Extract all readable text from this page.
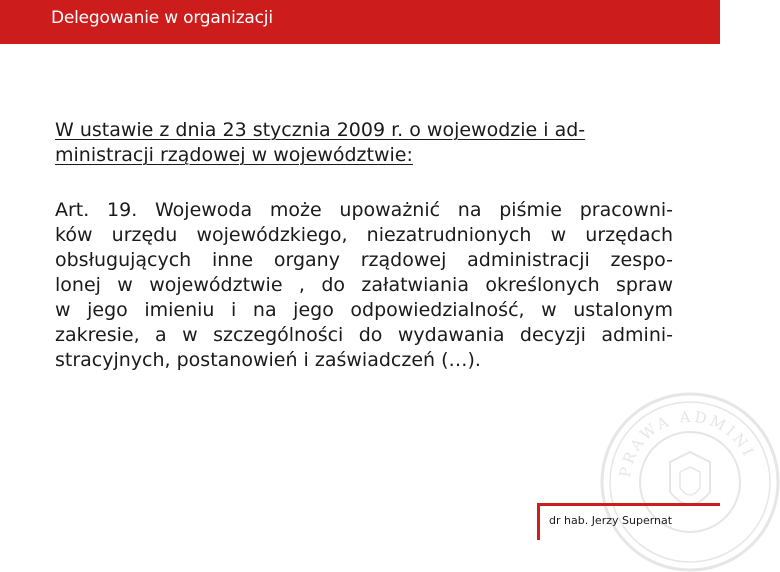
Delegowanie w organizacji
PRAWA ADMINI
W ustawie z dnia 23 stycznia 2009 r. o wojewodzie i ad-
ministracji rządowej w województwie:
Art. 19. Wojewoda może upoważnić na piśmie pracowni-
ków urzędu wojewódzkiego, niezatrudnionych w urzędach
obsługujących inne organy rządowej administracji zespo-
lonej w województwie , do załatwiania określonych spraw
w jego imieniu i na jego odpowiedzialność, w ustalonym
zakresie, a w szczególności do wydawania decyzji admini-
stracyjnych, postanowień i zaświadczeń (…).
dr hab. Jerzy Supernat
